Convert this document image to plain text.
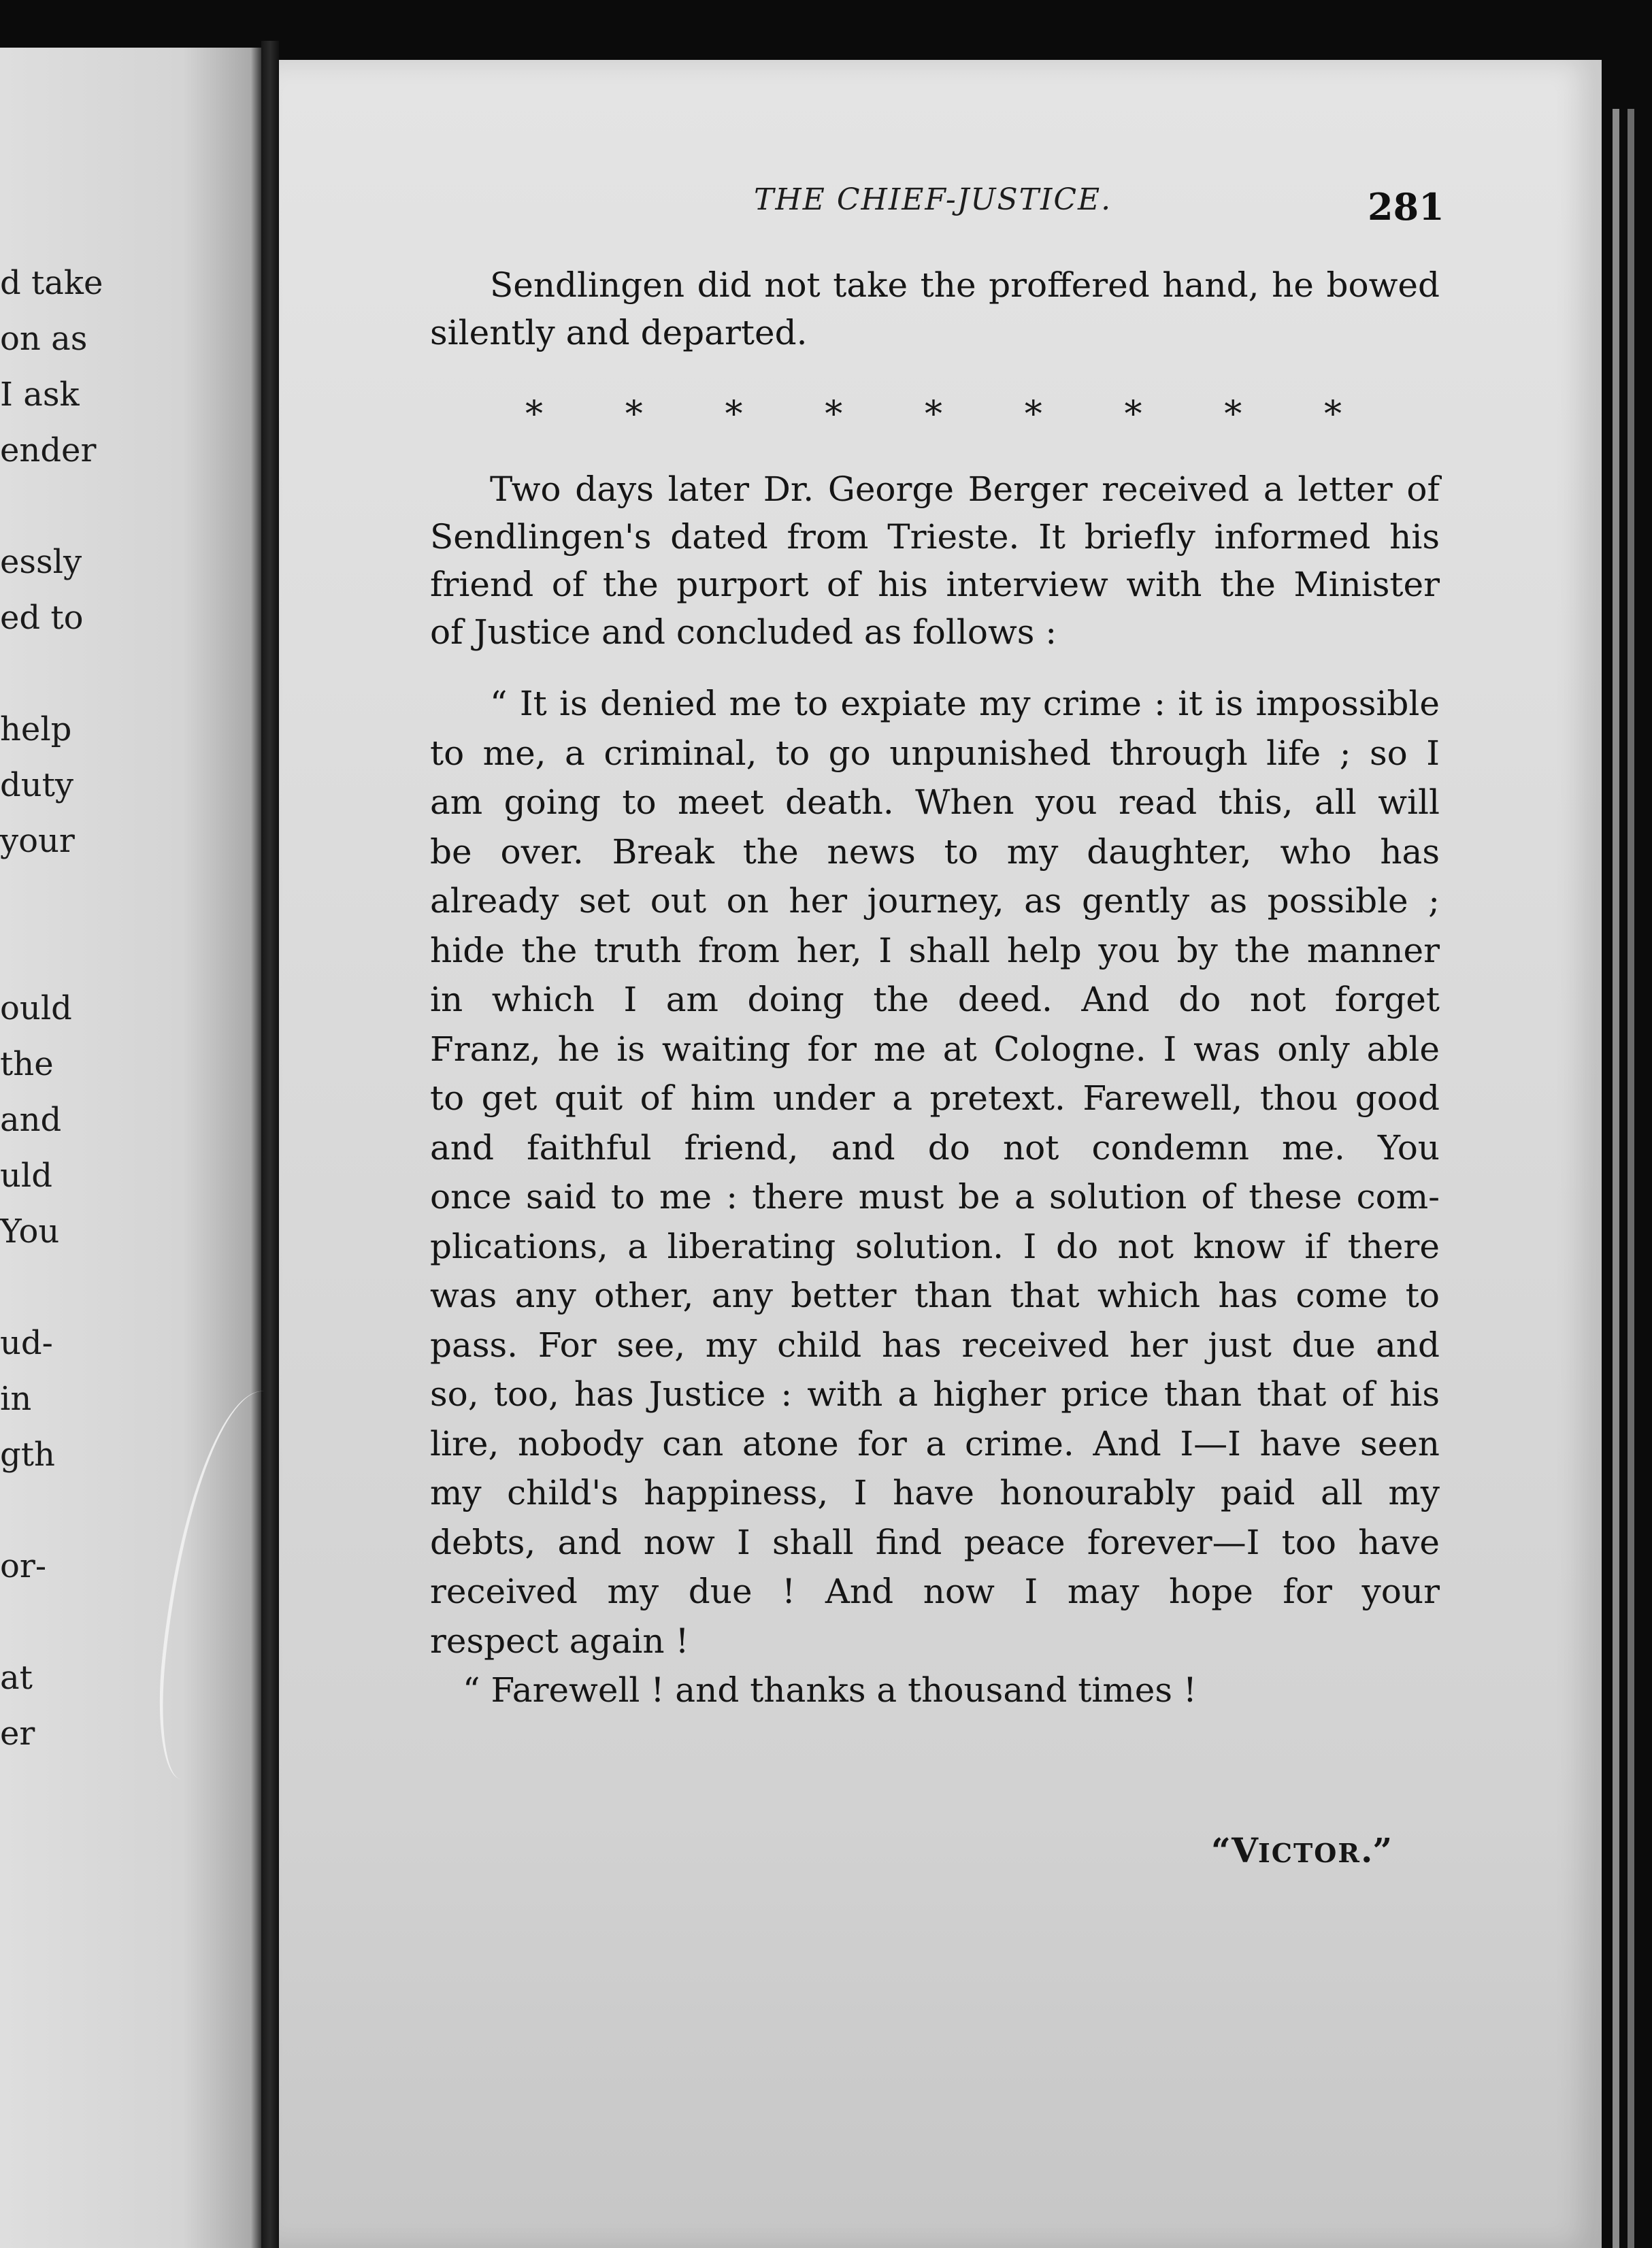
d take

on as

I ask

ender

essly

ed to

help

duty

your

ould

the

and

uld

You

ud-

in

gth

or-

at

er

THE CHIEF-JUSTICE.	281

Sendlingen did not take the proffered hand, he bowed

silently and departed.

* * * * * * * * *

Two days later Dr. George Berger received a letter of

Sendlingen's dated from Trieste. It briefly informed his

friend of the purport of his interview with the Minister

of Justice and concluded as follows :

“ It is denied me to expiate my crime : it is impossible

to me, a criminal, to go unpunished through life ; so I

am going to meet death. When you read this, all will

be over. Break the news to my daughter, who has

already set out on her journey, as gently as possible ;

hide the truth from her, I shall help you by the manner

in which I am doing the deed. And do not forget

Franz, he is waiting for me at Cologne. I was only able

to get quit of him under a pretext. Farewell, thou good

and faithful friend, and do not condemn me. You

once said to me : there must be a solution of these com-

plications, a liberating solution. I do not know if there

was any other, any better than that which has come to

pass. For see, my child has received her just due and

so, too, has Justice : with a higher price than that of his

lire, nobody can atone for a crime. And I—I have seen

my child's happiness, I have honourably paid all my

debts, and now I shall find peace forever—I too have

received my due ! And now I may hope for your

respect again !

“ Farewell ! and thanks a thousand times !

“VICTOR.”
